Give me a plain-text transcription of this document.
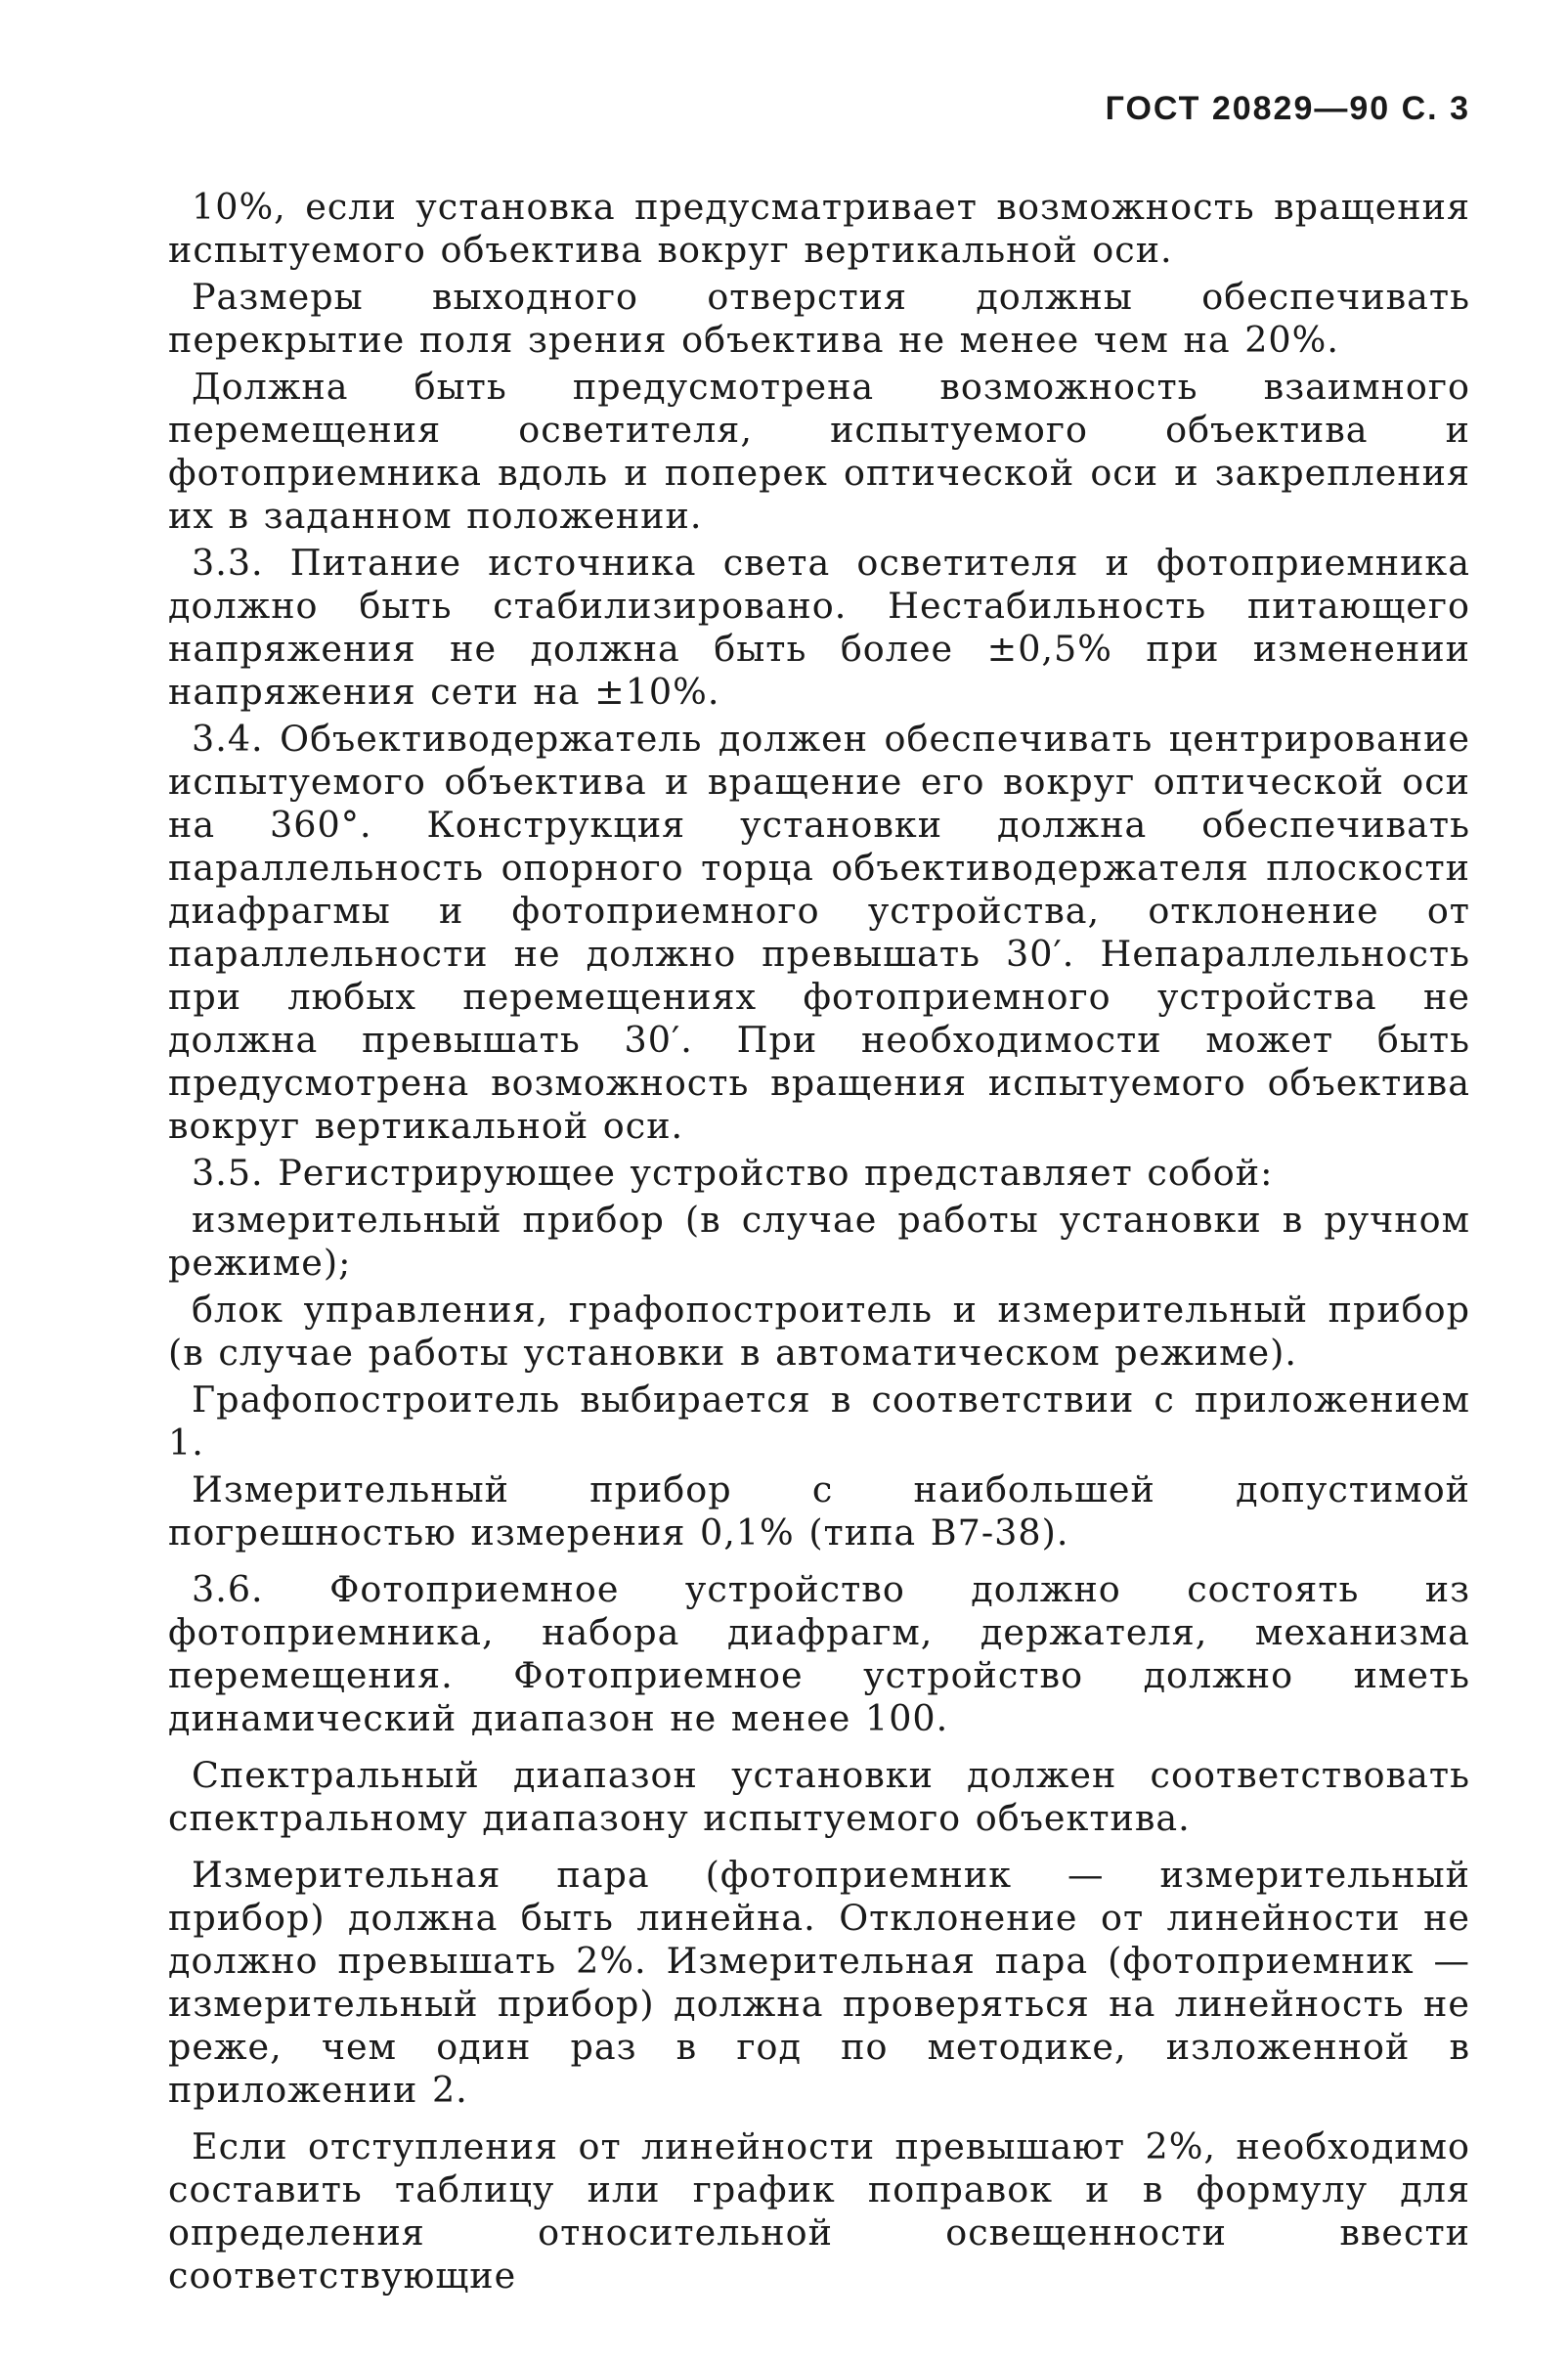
ГОСТ 20829—90 С. 3

10%, если установка предусматривает возможность вращения испытуемого объектива вокруг вертикальной оси.

Размеры выходного отверстия должны обеспечивать перекрытие поля зрения объектива не менее чем на 20%.

Должна быть предусмотрена возможность взаимного перемещения осветителя, испытуемого объектива и фотоприемника вдоль и поперек оптической оси и закрепления их в заданном положении.

3.3. Питание источника света осветителя и фотоприемника должно быть стабилизировано. Нестабильность питающего напряжения не должна быть более ±0,5% при изменении напряжения сети на ±10%.

3.4. Объективодержатель должен обеспечивать центрирование испытуемого объектива и вращение его вокруг оптической оси на 360°. Конструкция установки должна обеспечивать параллельность опорного торца объективодержателя плоскости диафрагмы и фотоприемного устройства, отклонение от параллельности не должно превышать 30′. Непараллельность при любых перемещениях фотоприемного устройства не должна превышать 30′. При необходимости может быть предусмотрена возможность вращения испытуемого объектива вокруг вертикальной оси.

3.5. Регистрирующее устройство представляет собой:

измерительный прибор (в случае работы установки в ручном режиме);

блок управления, графопостроитель и измерительный прибор (в случае работы установки в автоматическом режиме).

Графопостроитель выбирается в соответствии с приложением 1.

Измерительный прибор с наибольшей допустимой погрешностью измерения 0,1% (типа В7-38).

3.6. Фотоприемное устройство должно состоять из фотоприемника, набора диафрагм, держателя, механизма перемещения. Фотоприемное устройство должно иметь динамический диапазон не менее 100.

Спектральный диапазон установки должен соответствовать спектральному диапазону испытуемого объектива.

Измерительная пара (фотоприемник — измерительный прибор) должна быть линейна. Отклонение от линейности не должно превышать 2%. Измерительная пара (фотоприемник — измерительный прибор) должна проверяться на линейность не реже, чем один раз в год по методике, изложенной в приложении 2.

Если отступления от линейности превышают 2%, необходимо составить таблицу или график поправок и в формулу для определения относительной освещенности ввести соответствующие
